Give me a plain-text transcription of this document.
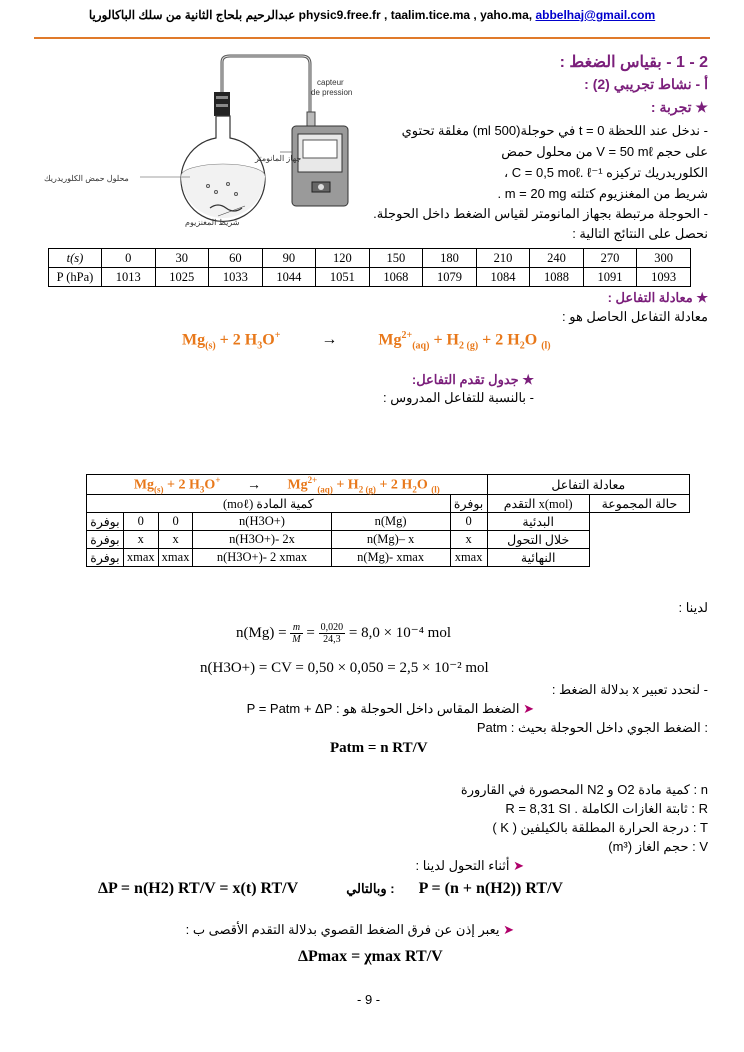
عبدالرحيم بلحاج الثانية من سلك الباكالوريا physic9.free.fr , taalim.tice.ma , yaho.ma, abbelhaj@gmail.com
capteur
de pression
جهاز المانومتر
محلول حمض الكلوريدريك
شريط المغنزيوم
2 - 1 - بقياس الضغط :
أ - نشاط تجريبي (2) :
★ تجربة :
- ندخل عند اللحظة t = 0 في حوجلة(500 ml) مغلقة تحتوي
على حجم V = 50 mℓ من محلول حمض
الكلوريدريك تركيزه C = 0,5 moℓ. ℓ⁻¹ ،
شريط من المغنزيوم كتلته m = 20 mg .
- الحوجلة مرتبطة بجهاز المانومتر لقياس الضغط داخل الحوجلة.
نحصل على النتائج التالية :
t(s)	0	30	60	90	120	150	180	210	240	270	300
P (hPa)	1013	1025	1033	1044	1051	1068	1079	1084	1088	1091	1093
★ معادلة التفاعل :
معادلة التفاعل الحاصل هو :
$Mg_{(s)} + 2$ $H_3O^+$	→ $Mg^{2+}_{(aq)} + H_{2 (g)} + 2$ $H_2O$ $_{(l)}$
★ جدول تقدم التفاعل:
- بالنسبة للتفاعل المدروس :
$Mg_{(s)} + 2$ $H_3O^+ \to Mg^{2+}_{(aq)} + H_{2 (g)} + 2$ $H_2O$ $_{(l)}$						معادلة التفاعل	
كمية المادة (moℓ)					بوفرة	التقدم x(mol)	حالة المجموعة
بوفرة	0	0	n(H3O+)	n(Mg)	0	البدئية	
بوفرة	x	x	n(H3O+)- 2x	n(Mg)– x	x	خلال التحول	
بوفرة	xmax	xmax	n(H3O+)- 2 xmax	n(Mg)- xmax	xmax	النهائية	
لدينا :
$n(Mg) = \frac{m}{M} = \frac{0,020}{24,3} = 8,0 \times 10^{-4}$ mol
n(H3O+) = CV = 0,50 × 0,050 = 2,5 × 10⁻² mol
- لنحدد تعبير x بدلالة الضغط :
➤ الضغط المقاس داخل الحوجلة هو : P = Patm + ΔP
Patm : الضغط الجوي داخل الحوجلة بحيث :
Patm = n RT/V
n : كمية مادة O2 و N2 المحصورة في القارورة
R : ثابتة الغازات الكاملة . R = 8,31 SI
T : درجة الحرارة المطلقة بالكيلفين ( K )
V : حجم الغاز (m³)
➤ أثناء التحول لدينا :
ΔP = n(H2) RT/V = x(t) RT/V	وبالتالي : P = (n + n(H2)) RT/V
➤ يعبر إذن عن فرق الضغط القصوي بدلالة التقدم الأقصى ب :
ΔPmax = χmax RT/V
- 9 -
